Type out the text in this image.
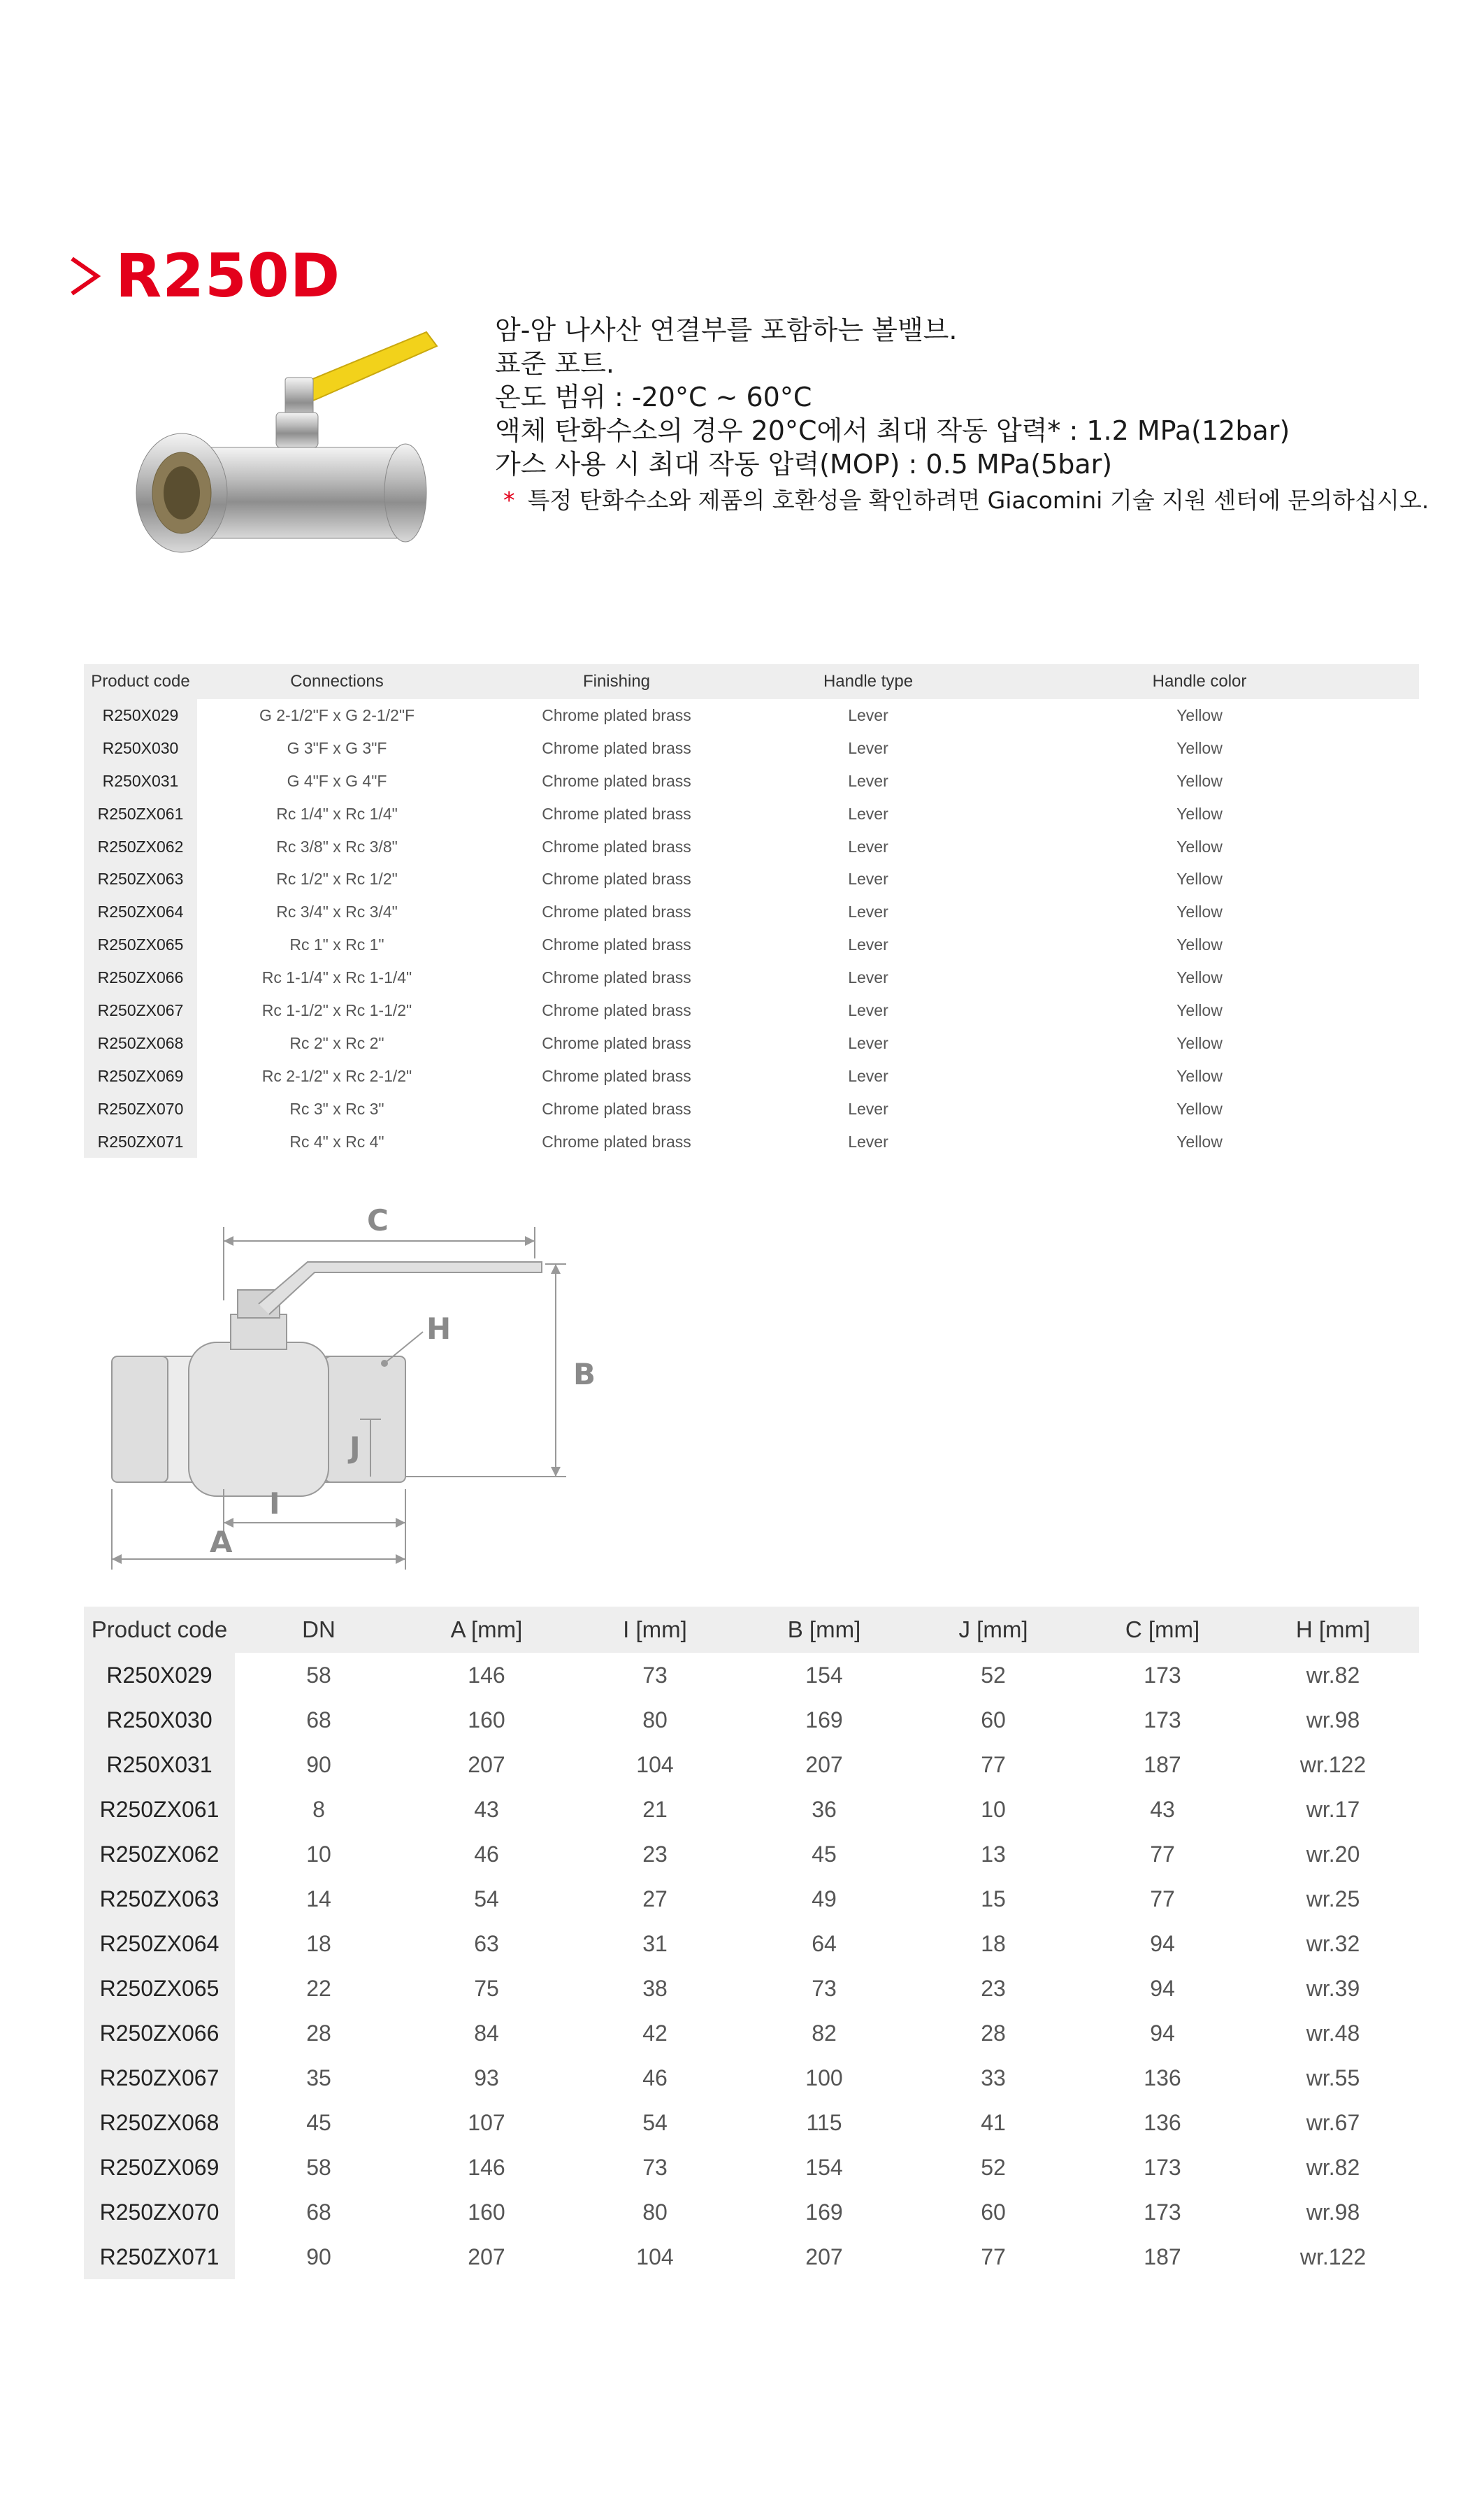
R250D
암-암 나사산 연결부를 포함하는 볼밸브.
표준 포트.
온도 범위 : -20°C ~ 60°C
액체 탄화수소의 경우 20°C에서 최대 작동 압력* : 1.2 MPa(12bar)
가스 사용 시 최대 작동 압력(MOP) : 0.5 MPa(5bar)
* 특정 탄화수소와 제품의 호환성을 확인하려면 Giacomini 기술 지원 센터에 문의하십시오.
Product code	Connections	Finishing	Handle type	Handle color
R250X029	G 2-1/2"F x G 2-1/2"F	Chrome plated brass	Lever	Yellow
R250X030	G 3"F x G 3"F	Chrome plated brass	Lever	Yellow
R250X031	G 4"F x G 4"F	Chrome plated brass	Lever	Yellow
R250ZX061	Rc 1/4" x Rc 1/4"	Chrome plated brass	Lever	Yellow
R250ZX062	Rc 3/8" x Rc 3/8"	Chrome plated brass	Lever	Yellow
R250ZX063	Rc 1/2" x Rc 1/2"	Chrome plated brass	Lever	Yellow
R250ZX064	Rc 3/4" x Rc 3/4"	Chrome plated brass	Lever	Yellow
R250ZX065	Rc 1" x Rc 1"	Chrome plated brass	Lever	Yellow
R250ZX066	Rc 1-1/4" x Rc 1-1/4"	Chrome plated brass	Lever	Yellow
R250ZX067	Rc 1-1/2" x Rc 1-1/2"	Chrome plated brass	Lever	Yellow
R250ZX068	Rc 2" x Rc 2"	Chrome plated brass	Lever	Yellow
R250ZX069	Rc 2-1/2" x Rc 2-1/2"	Chrome plated brass	Lever	Yellow
R250ZX070	Rc 3" x Rc 3"	Chrome plated brass	Lever	Yellow
R250ZX071	Rc 4" x Rc 4"	Chrome plated brass	Lever	Yellow
C
B
H
J
I
A
Product code	DN	A [mm]	I [mm]	B [mm]	J [mm]	C [mm]	H [mm]
R250X029	58	146	73	154	52	173	wr.82
R250X030	68	160	80	169	60	173	wr.98
R250X031	90	207	104	207	77	187	wr.122
R250ZX061	8	43	21	36	10	43	wr.17
R250ZX062	10	46	23	45	13	77	wr.20
R250ZX063	14	54	27	49	15	77	wr.25
R250ZX064	18	63	31	64	18	94	wr.32
R250ZX065	22	75	38	73	23	94	wr.39
R250ZX066	28	84	42	82	28	94	wr.48
R250ZX067	35	93	46	100	33	136	wr.55
R250ZX068	45	107	54	115	41	136	wr.67
R250ZX069	58	146	73	154	52	173	wr.82
R250ZX070	68	160	80	169	60	173	wr.98
R250ZX071	90	207	104	207	77	187	wr.122
